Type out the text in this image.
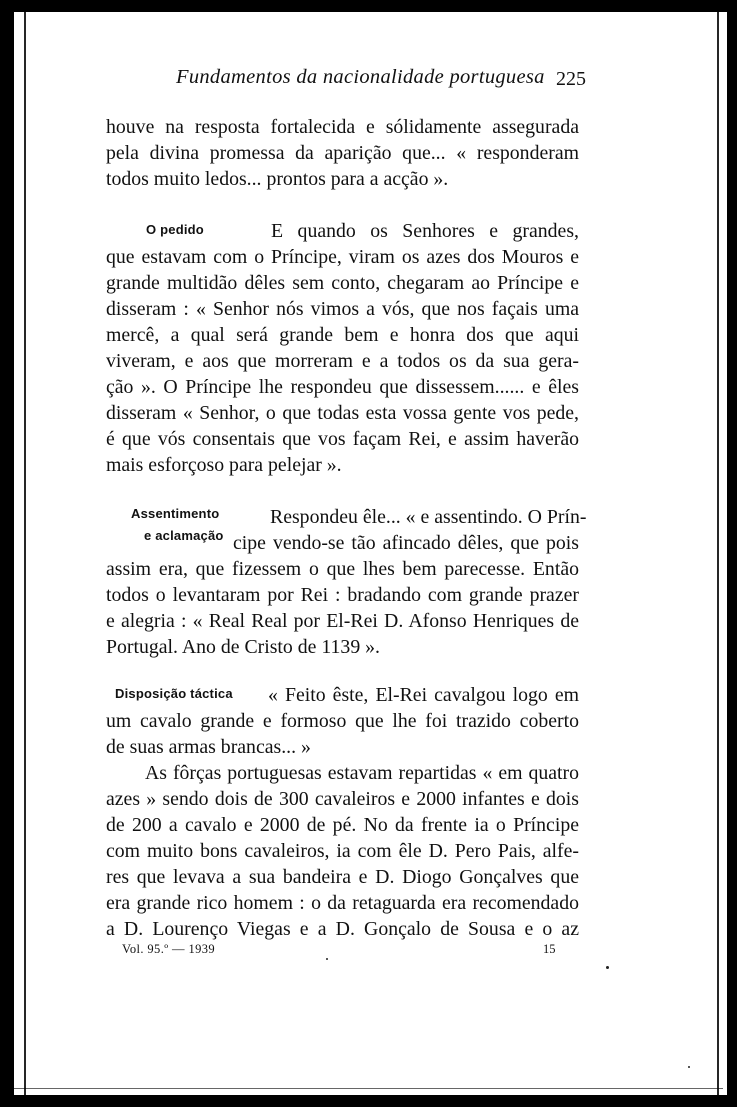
Fundamentos da nacionalidade portuguesa 225
houve na resposta fortalecida e sólidamente assegurada
pela divina promessa da aparição que... « responderam
todos muito ledos... prontos para a acção ».
O pedido	E quando os Senhores e grandes,
que estavam com o Príncipe, viram os azes dos Mouros e
grande multidão dêles sem conto, chegaram ao Príncipe e
disseram : « Senhor nós vimos a vós, que nos façais uma
mercê, a qual será grande bem e honra dos que aqui
viveram, e aos que morreram e a todos os da sua gera-
ção ». O Príncipe lhe respondeu que dissessem...... e êles
disseram « Senhor, o que todas esta vossa gente vos pede,
é que vós consentais que vos façam Rei, e assim haverão
mais esforçoso para pelejar ».
Assentimento
e aclamação
Respondeu êle... « e assentindo. O Prín-
cipe vendo-se tão afincado dêles, que pois
assim era, que fizessem o que lhes bem parecesse. Então
todos o levantaram por Rei : bradando com grande prazer
e alegria : « Real Real por El-Rei D. Afonso Henriques de
Portugal. Ano de Cristo de 1139 ».
Disposição táctica « Feito êste, El-Rei cavalgou logo em
um cavalo grande e formoso que lhe foi trazido coberto
de suas armas brancas... »
As fôrças portuguesas estavam repartidas « em quatro
azes » sendo dois de 300 cavaleiros e 2000 infantes e dois
de 200 a cavalo e 2000 de pé. No da frente ia o Príncipe
com muito bons cavaleiros, ia com êle D. Pero Pais, alfe-
res que levava a sua bandeira e D. Diogo Gonçalves que
era grande rico homem : o da retaguarda era recomendado
a D. Lourenço Viegas e a D. Gonçalo de Sousa e o az
Vol. 95.º — 1939	15
